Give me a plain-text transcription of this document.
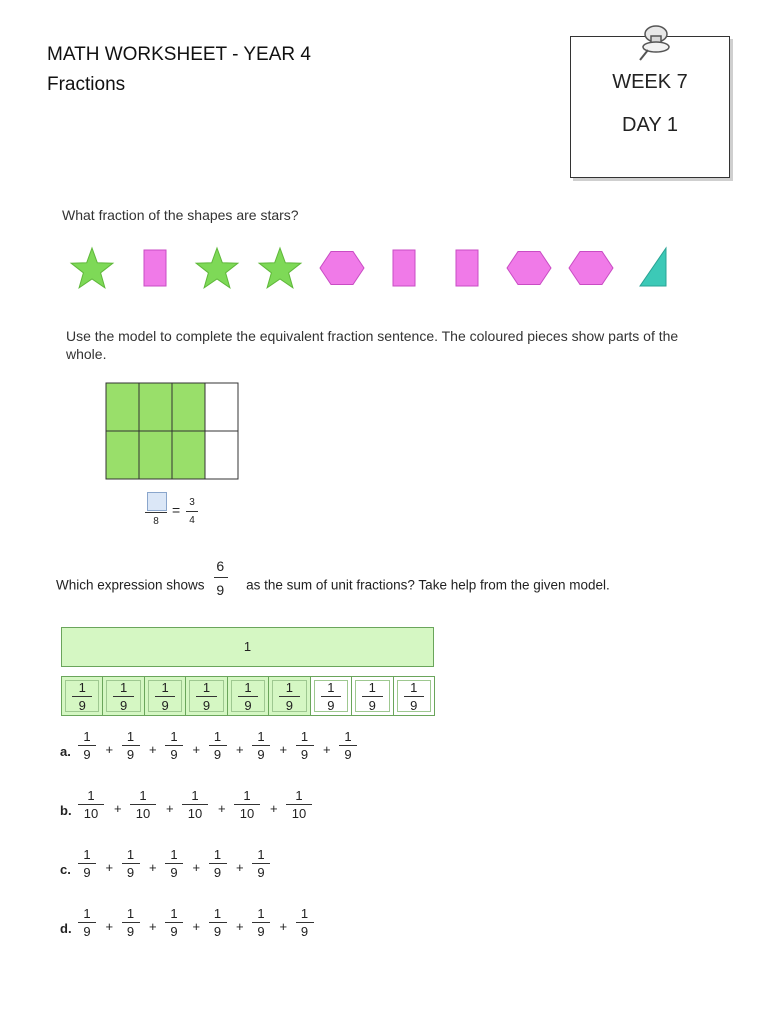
MATH WORKSHEET - YEAR 4
Fractions	WEEK 7
DAY 1
What fraction of the shapes are stars?
Use the model to complete the equivalent fraction sentence. The coloured pieces show parts of the whole.
8
= 3
4
Which expression shows $\frac{6}{9}$ as the sum of unit fractions? Take help from the given model.
1
1
9
1
9
1
9
1
9
1
9
1
9
1
9
1
9
1
9
a.
1
9	+
1
9	+
1
9	+
1
9	+
1
9	+
1
9	+
1
9
b.
1
10	+
1
10	+
1
10	+
1
10	+
1
10
c.
1
9	+
1
9	+
1
9	+
1
9	+
1
9
d.
1
9	+
1
9	+
1
9	+
1
9	+
1
9	+
1
9
